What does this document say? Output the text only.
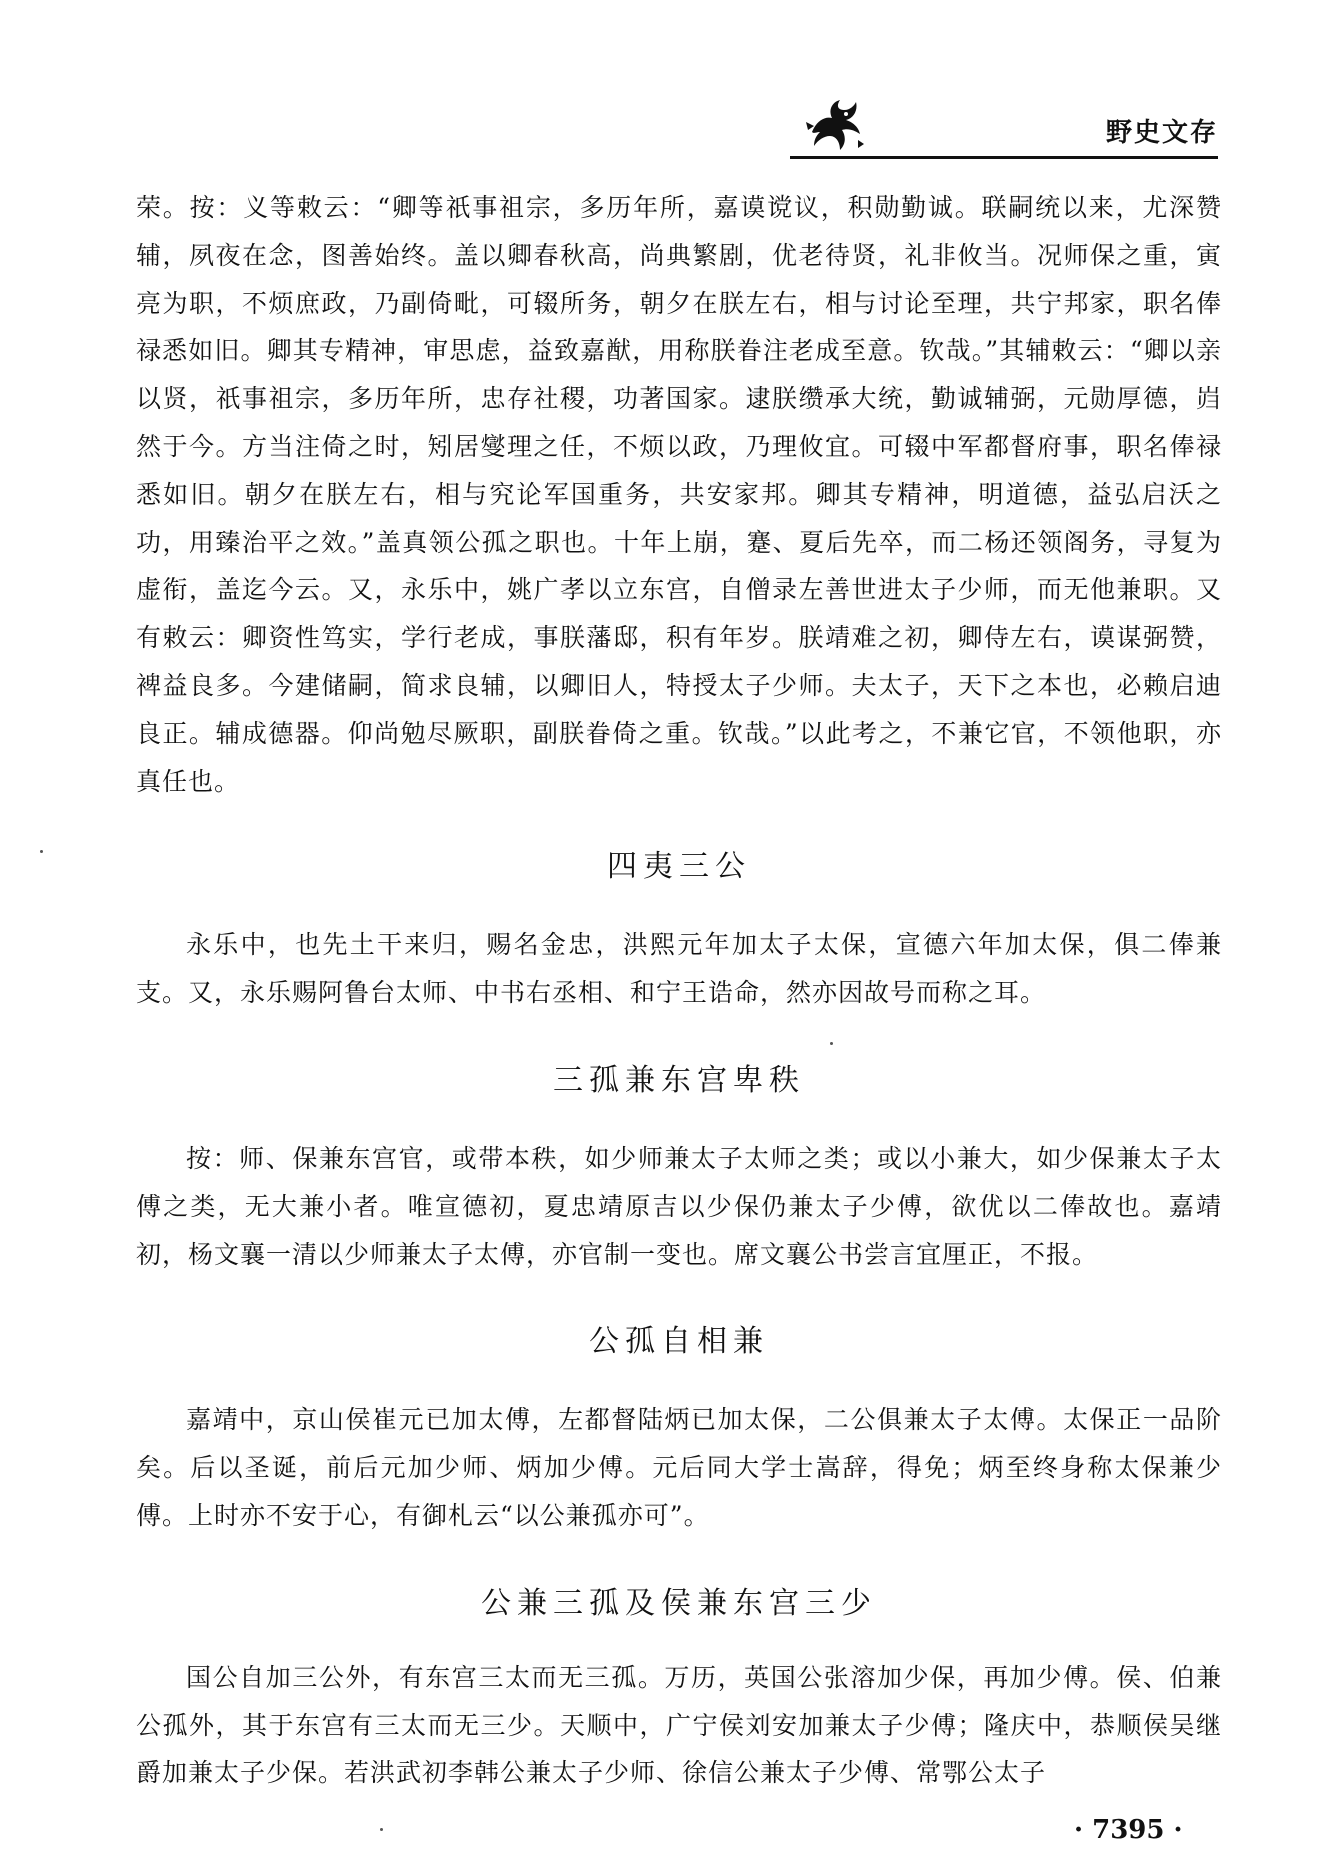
野史文存

荣。按：义等敕云：“卿等祇事祖宗，多历年所，嘉谟谠议，积勋勤诚。联嗣统以来，尤深赞辅，夙夜在念，图善始终。盖以卿春秋高，尚典繁剧，优老待贤，礼非攸当。况师保之重，寅亮为职，不烦庶政，乃副倚毗，可辍所务，朝夕在朕左右，相与讨论至理，共宁邦家，职名俸禄悉如旧。卿其专精神，审思虑，益致嘉猷，用称朕眷注老成至意。钦哉。”其辅敕云：“卿以亲以贤，祇事祖宗，多历年所，忠存社稷，功著国家。逮朕缵承大统，勤诚辅弼，元勋厚德，岿然于今。方当注倚之时，矧居燮理之任，不烦以政，乃理攸宜。可辍中军都督府事，职名俸禄悉如旧。朝夕在朕左右，相与究论军国重务，共安家邦。卿其专精神，明道德，益弘启沃之功，用臻治平之效。”盖真领公孤之职也。十年上崩，蹇、夏后先卒，而二杨还领阁务，寻复为虚衔，盖迄今云。又，永乐中，姚广孝以立东宫，自僧录左善世进太子少师，而无他兼职。又有敕云：卿资性笃实，学行老成，事朕藩邸，积有年岁。朕靖难之初，卿侍左右，谟谋弼赞，裨益良多。今建储嗣，简求良辅，以卿旧人，特授太子少师。夫太子，天下之本也，必赖启迪良正。辅成德器。仰尚勉尽厥职，副朕眷倚之重。钦哉。”以此考之，不兼它官，不领他职，亦真任也。

四夷三公

永乐中，也先土干来归，赐名金忠，洪熙元年加太子太保，宣德六年加太保，俱二俸兼支。又，永乐赐阿鲁台太师、中书右丞相、和宁王诰命，然亦因故号而称之耳。

三孤兼东宫卑秩

按：师、保兼东宫官，或带本秩，如少师兼太子太师之类；或以小兼大，如少保兼太子太傅之类，无大兼小者。唯宣德初，夏忠靖原吉以少保仍兼太子少傅，欲优以二俸故也。嘉靖初，杨文襄一清以少师兼太子太傅，亦官制一变也。席文襄公书尝言宜厘正，不报。

公孤自相兼

嘉靖中，京山侯崔元已加太傅，左都督陆炳已加太保，二公俱兼太子太傅。太保正一品阶矣。后以圣诞，前后元加少师、炳加少傅。元后同大学士嵩辞，得免；炳至终身称太保兼少傅。上时亦不安于心，有御札云“以公兼孤亦可”。

公兼三孤及侯兼东宫三少

国公自加三公外，有东宫三太而无三孤。万历，英国公张溶加少保，再加少傅。侯、伯兼公孤外，其于东宫有三太而无三少。天顺中，广宁侯刘安加兼太子少傅；隆庆中，恭顺侯吴继爵加兼太子少保。若洪武初李韩公兼太子少师、徐信公兼太子少傅、常鄂公太子

· 7395 ·
